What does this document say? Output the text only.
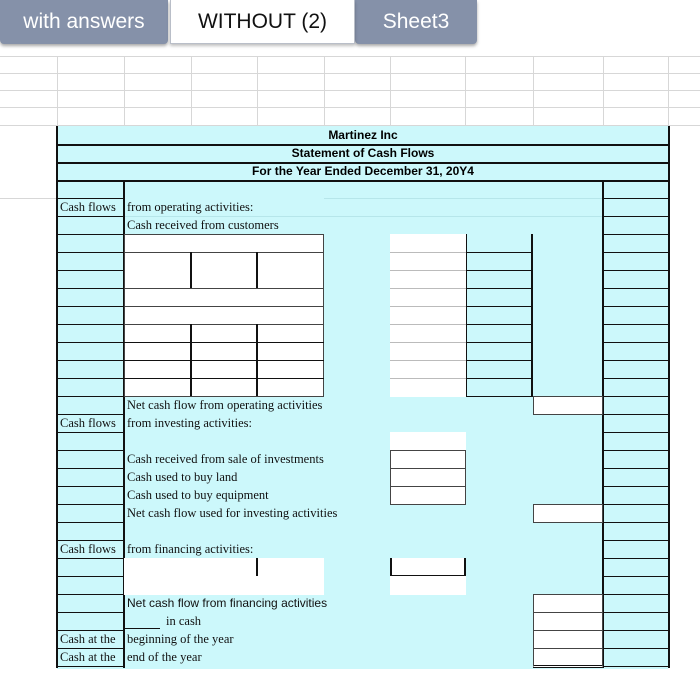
with answers	WITHOUT (2)	Sheet3
Martinez Inc
Statement of Cash Flows
For the Year Ended December 31, 20Y4
Cash flows from operating activities:
Cash received from customers
Net cash flow from operating activities
Cash flows from investing activities:
Cash received from sale of investments
Cash used to buy land
Cash used to buy equipment
Net cash flow used for investing activities
Cash flows from financing activities:
Net cash flow from financing activities
in cash
Cash at the beginning of the year
Cash at the end of the year
